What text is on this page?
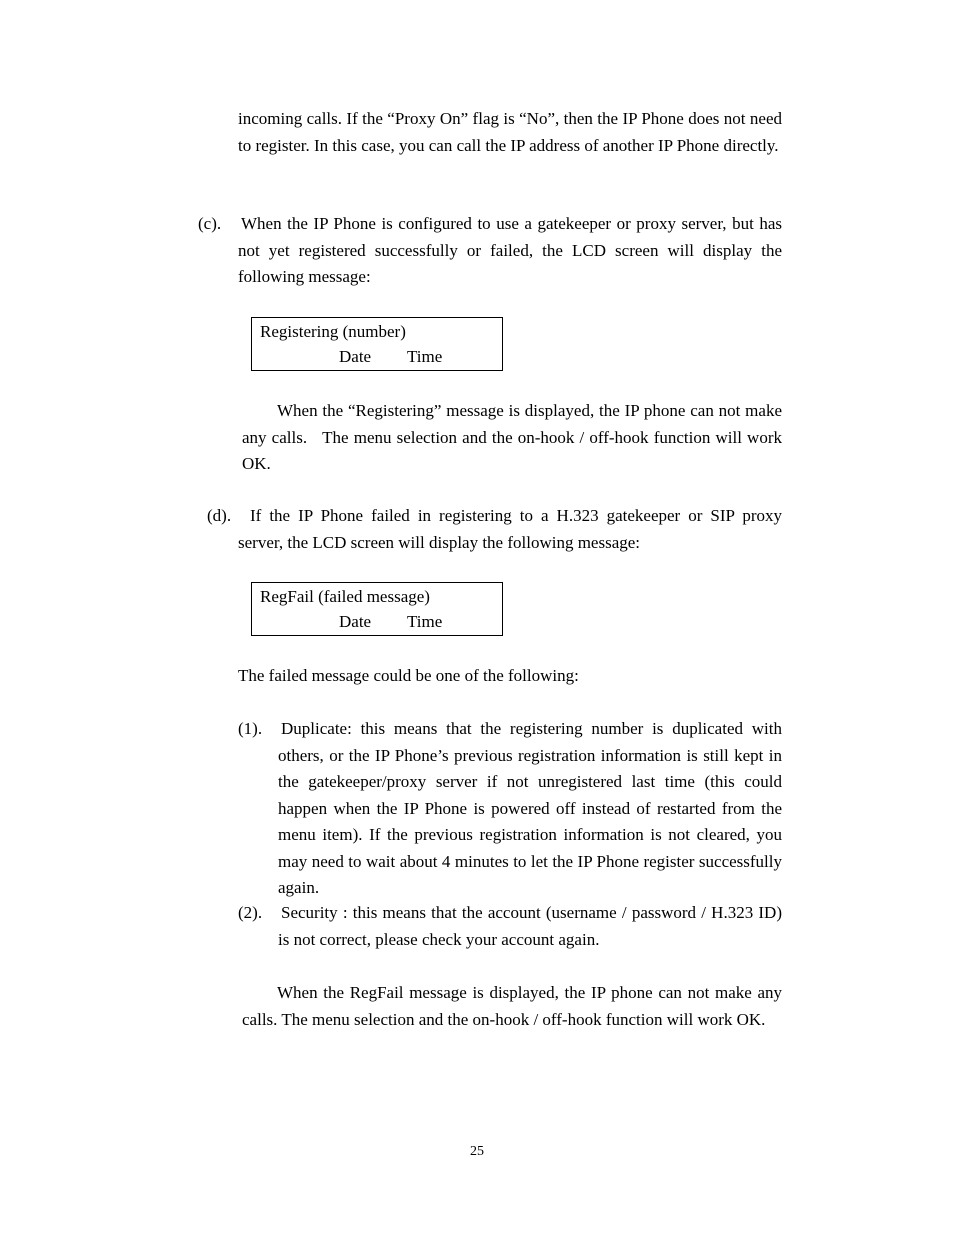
incoming calls. If the “Proxy On” flag is “No”, then the IP Phone does not need to register. In this case, you can call the IP address of another IP Phone directly.

(c). When the IP Phone is configured to use a gatekeeper or proxy server, but has not yet registered successfully or failed, the LCD screen will display the following message:

Registering (number)
Date Time

When the “Registering” message is displayed, the IP phone can not make any calls.   The menu selection and the on-hook / off-hook function will work OK.

(d).	If the IP Phone failed in registering to a H.323 gatekeeper or SIP proxy server, the LCD screen will display the following message:

RegFail (failed message)
Date Time

The failed message could be one of the following:

(1). Duplicate: this means that the registering number is duplicated with others, or the IP Phone’s previous registration information is still kept in the gatekeeper/proxy server if not unregistered last time (this could happen when the IP Phone is powered off instead of restarted from the menu item). If the previous registration information is not cleared, you may need to wait about 4 minutes to let the IP Phone register successfully again.

(2). Security : this means that the account (username / password / H.323 ID) is not correct, please check your account again.

When the RegFail message is displayed, the IP phone can not make any calls. The menu selection and the on-hook / off-hook function will work OK.

25
